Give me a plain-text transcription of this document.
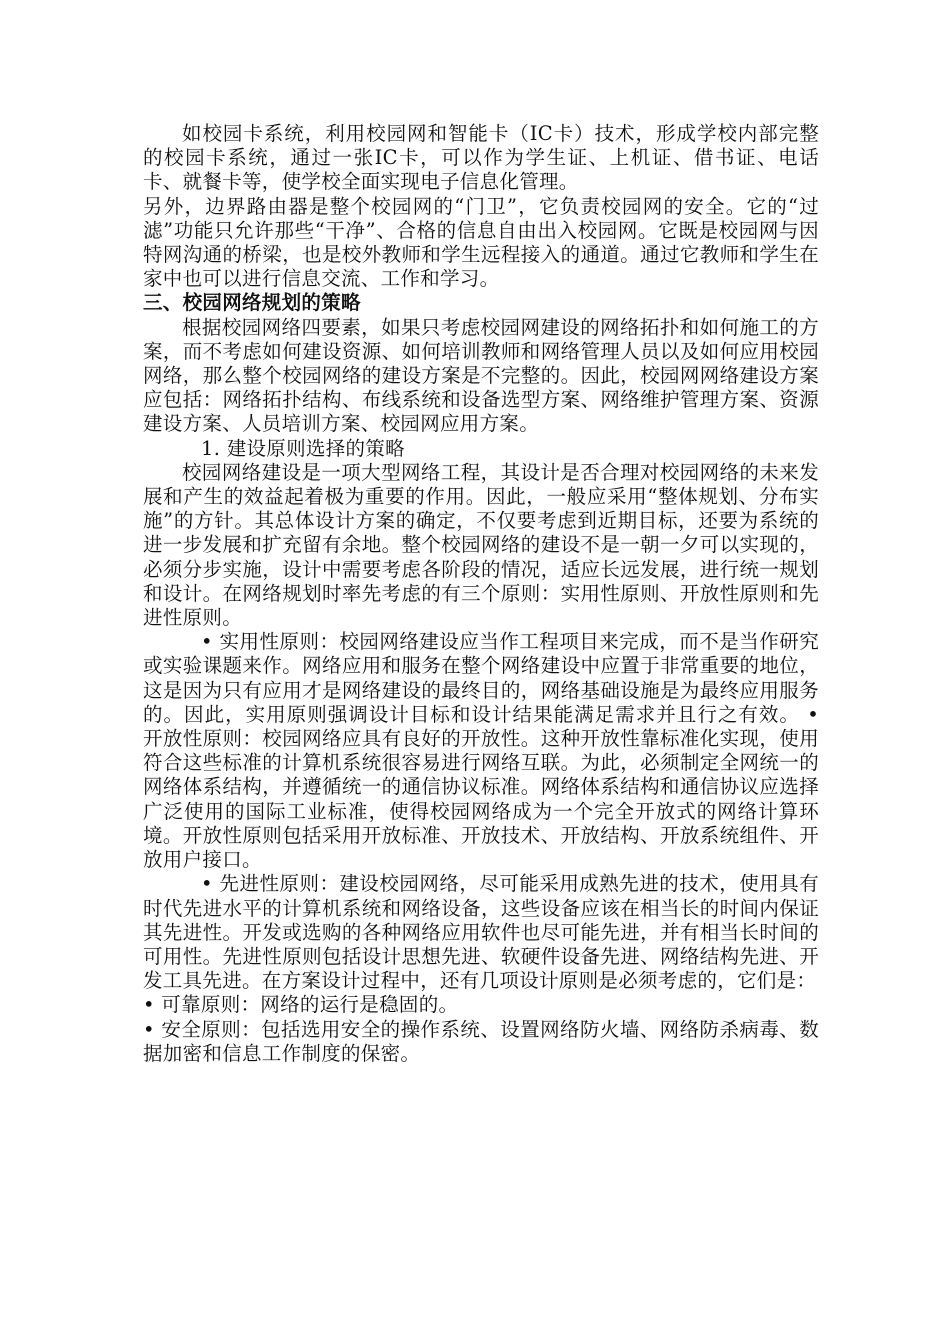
如校园卡系统，利用校园网和智能卡（IC卡）技术，形成学校内部完整的校园卡系统，通过一张IC卡，可以作为学生证、上机证、借书证、电话卡、就餐卡等，使学校全面实现电子信息化管理。

另外，边界路由器是整个校园网的“门卫”，它负责校园网的安全。它的“过滤”功能只允许那些“干净”、合格的信息自由出入校园网。它既是校园网与因特网沟通的桥梁，也是校外教师和学生远程接入的通道。通过它教师和学生在家中也可以进行信息交流、工作和学习。

三、校园网络规划的策略

根据校园网络四要素，如果只考虑校园网建设的网络拓扑和如何施工的方案，而不考虑如何建设资源、如何培训教师和网络管理人员以及如何应用校园网络，那么整个校园网络的建设方案是不完整的。因此，校园网网络建设方案应包括：网络拓扑结构、布线系统和设备选型方案、网络维护管理方案、资源建设方案、人员培训方案、校园网应用方案。

1. 建设原则选择的策略

校园网络建设是一项大型网络工程，其设计是否合理对校园网络的未来发展和产生的效益起着极为重要的作用。因此，一般应采用“整体规划、分布实施”的方针。其总体设计方案的确定，不仅要考虑到近期目标，还要为系统的进一步发展和扩充留有余地。整个校园网络的建设不是一朝一夕可以实现的，必须分步实施，设计中需要考虑各阶段的情况，适应长远发展，进行统一规划和设计。在网络规划时率先考虑的有三个原则：实用性原则、开放性原则和先进性原则。

• 实用性原则：校园网络建设应当作工程项目来完成，而不是当作研究或实验课题来作。网络应用和服务在整个网络建设中应置于非常重要的地位，这是因为只有应用才是网络建设的最终目的，网络基础设施是为最终应用服务的。因此，实用原则强调设计目标和设计结果能满足需求并且行之有效。 • 开放性原则：校园网络应具有良好的开放性。这种开放性靠标准化实现，使用符合这些标准的计算机系统很容易进行网络互联。为此，必须制定全网统一的网络体系结构，并遵循统一的通信协议标准。网络体系结构和通信协议应选择广泛使用的国际工业标准，使得校园网络成为一个完全开放式的网络计算环境。开放性原则包括采用开放标准、开放技术、开放结构、开放系统组件、开放用户接口。

• 先进性原则：建设校园网络，尽可能采用成熟先进的技术，使用具有时代先进水平的计算机系统和网络设备，这些设备应该在相当长的时间内保证其先进性。开发或选购的各种网络应用软件也尽可能先进，并有相当长时间的可用性。先进性原则包括设计思想先进、软硬件设备先进、网络结构先进、开发工具先进。在方案设计过程中，还有几项设计原则是必须考虑的，它们是：

• 可靠原则：网络的运行是稳固的。

• 安全原则：包括选用安全的操作系统、设置网络防火墙、网络防杀病毒、数据加密和信息工作制度的保密。
